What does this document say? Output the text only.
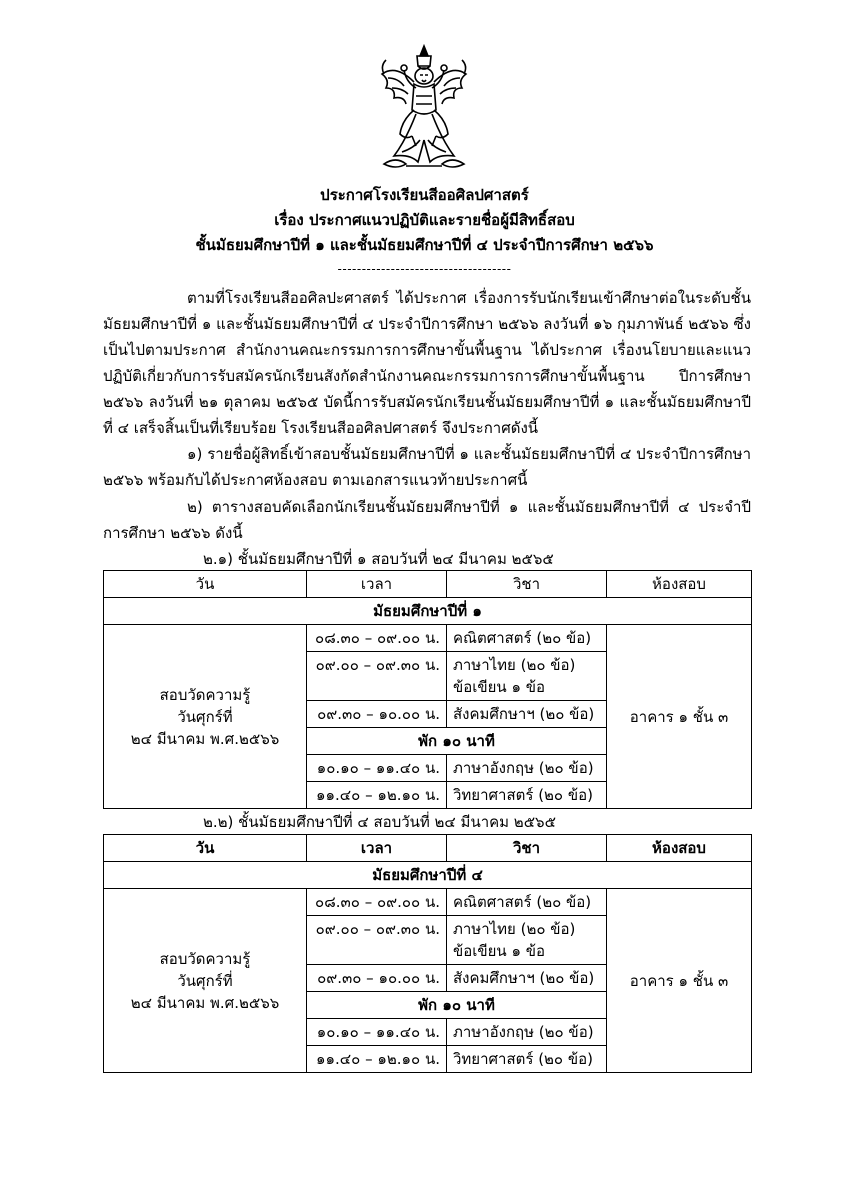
ประกาศโรงเรียนสีออศิลปศาสตร์
เรื่อง ประกาศแนวปฏิบัติและรายชื่อผู้มีสิทธิ์สอบ
ชั้นมัธยมศึกษาปีที่ ๑ และชั้นมัธยมศึกษาปีที่ ๔ ประจำปีการศึกษา ๒๕๖๖
------------------------------------
ตามที่โรงเรียนสีออศิลปะศาสตร์ ได้ประกาศ เรื่องการรับนักเรียนเข้าศึกษาต่อในระดับชั้นมัธยมศึกษาปีที่ ๑ และชั้นมัธยมศึกษาปีที่ ๔ ประจำปีการศึกษา ๒๕๖๖ ลงวันที่ ๑๖ กุมภาพันธ์ ๒๕๖๖ ซึ่งเป็นไปตามประกาศ สำนักงานคณะกรรมการการศึกษาขั้นพื้นฐาน ได้ประกาศ เรื่องนโยบายและแนวปฏิบัติเกี่ยวกับการรับสมัครนักเรียนสังกัดสำนักงานคณะกรรมการการศึกษาขั้นพื้นฐาน ปีการศึกษา ๒๕๖๖ ลงวันที่ ๒๑ ตุลาคม ๒๕๖๕ บัดนี้การรับสมัครนักเรียนชั้นมัธยมศึกษาปีที่ ๑ และชั้นมัธยมศึกษาปีที่ ๔ เสร็จสิ้นเป็นที่เรียบร้อย โรงเรียนสีออศิลปศาสตร์ จึงประกาศดังนี้
๑) รายชื่อผู้สิทธิ์เข้าสอบชั้นมัธยมศึกษาปีที่ ๑ และชั้นมัธยมศึกษาปีที่ ๔ ประจำปีการศึกษา ๒๕๖๖ พร้อมกับได้ประกาศห้องสอบ ตามเอกสารแนวท้ายประกาศนี้
๒) ตารางสอบคัดเลือกนักเรียนชั้นมัธยมศึกษาปีที่ ๑ และชั้นมัธยมศึกษาปีที่ ๔ ประจำปีการศึกษา ๒๕๖๖ ดังนี้
๒.๑) ชั้นมัธยมศึกษาปีที่ ๑ สอบวันที่ ๒๔ มีนาคม ๒๕๖๕
วัน	เวลา	วิชา	ห้องสอบ
มัธยมศึกษาปีที่ ๑			

สอบวัดความรู้
วันศุกร์ที่
๒๔ มีนาคม พ.ศ.๒๕๖๖	๐๘.๓๐ – ๐๙.๐๐ น.	คณิตศาสตร์ (๒๐ ข้อ)	อาคาร ๑ ชั้น ๓
	๐๙.๐๐ – ๐๙.๓๐ น.	ภาษาไทย (๒๐ ข้อ)
ข้อเขียน ๑ ข้อ	

	๐๙.๓๐ – ๑๐.๐๐ น.	สังคมศึกษาฯ (๒๐ ข้อ)	
	พัก ๑๐ นาที		
	๑๐.๑๐ – ๑๑.๔๐ น.	ภาษาอังกฤษ (๒๐ ข้อ)	
	๑๑.๔๐ – ๑๒.๑๐ น.	วิทยาศาสตร์ (๒๐ ข้อ)	
๒.๒) ชั้นมัธยมศึกษาปีที่ ๔ สอบวันที่ ๒๔ มีนาคม ๒๕๖๕
วัน	เวลา	วิชา	ห้องสอบ
มัธยมศึกษาปีที่ ๔			

สอบวัดความรู้
วันศุกร์ที่
๒๔ มีนาคม พ.ศ.๒๕๖๖	๐๘.๓๐ – ๐๙.๐๐ น.	คณิตศาสตร์ (๒๐ ข้อ)	อาคาร ๑ ชั้น ๓
	๐๙.๐๐ – ๐๙.๓๐ น.	ภาษาไทย (๒๐ ข้อ)
ข้อเขียน ๑ ข้อ	

	๐๙.๓๐ – ๑๐.๐๐ น.	สังคมศึกษาฯ (๒๐ ข้อ)	
	พัก ๑๐ นาที		
	๑๐.๑๐ – ๑๑.๔๐ น.	ภาษาอังกฤษ (๒๐ ข้อ)	
	๑๑.๔๐ – ๑๒.๑๐ น.	วิทยาศาสตร์ (๒๐ ข้อ)	
